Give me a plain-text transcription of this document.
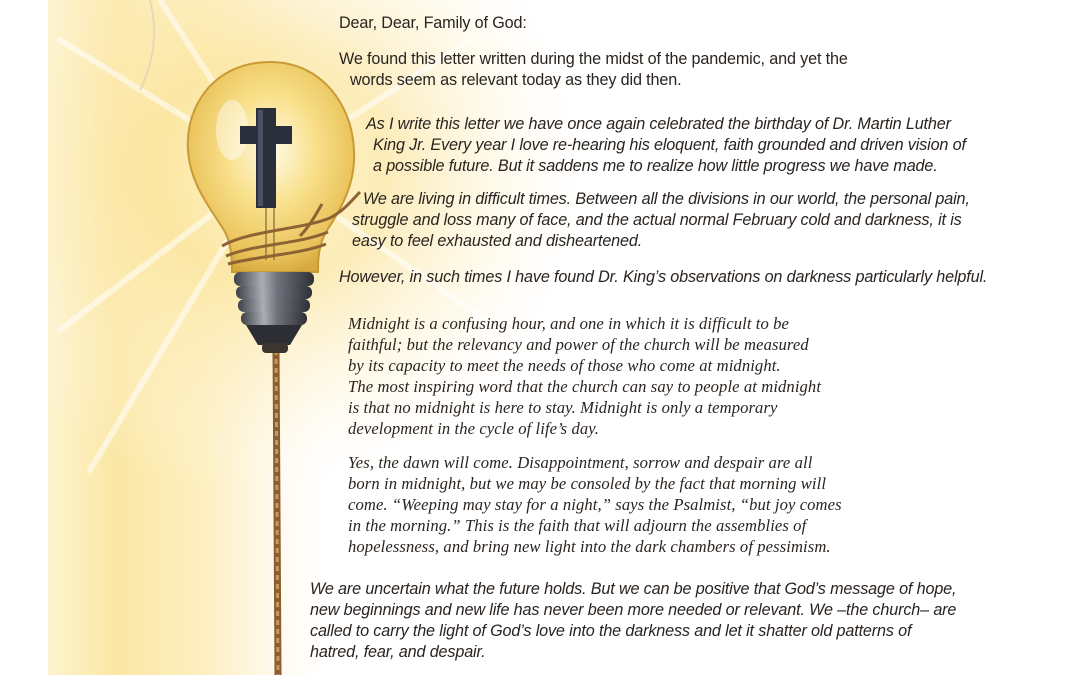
Dear, Dear, Family of God:

We found this letter written during the midst of the pandemic, and yet the
words seem as relevant today as they did then.

As I write this letter we have once again celebrated the birthday of Dr. Martin Luther
King Jr. Every year I love re-hearing his eloquent, faith grounded and driven vision of
a possible future. But it saddens me to realize how little progress we have made.

We are living in difficult times. Between all the divisions in our world, the personal pain,
struggle and loss many of face, and the actual normal February cold and darkness, it is
easy to feel exhausted and disheartened.

However, in such times I have found Dr. King’s observations on darkness particularly helpful.

Midnight is a confusing hour, and one in which it is difficult to be
faithful; but the relevancy and power of the church will be measured
by its capacity to meet the needs of those who come at midnight.
The most inspiring word that the church can say to people at midnight
is that no midnight is here to stay. Midnight is only a temporary
development in the cycle of life’s day.

Yes, the dawn will come. Disappointment, sorrow and despair are all
born in midnight, but we may be consoled by the fact that morning will
come. “Weeping may stay for a night,” says the Psalmist, “but joy comes
in the morning.” This is the faith that will adjourn the assemblies of
hopelessness, and bring new light into the dark chambers of pessimism.

We are uncertain what the future holds. But we can be positive that God’s message of hope,
new beginnings and new life has never been more needed or relevant. We –the church– are
called to carry the light of God’s love into the darkness and let it shatter old patterns of
hatred, fear, and despair.
